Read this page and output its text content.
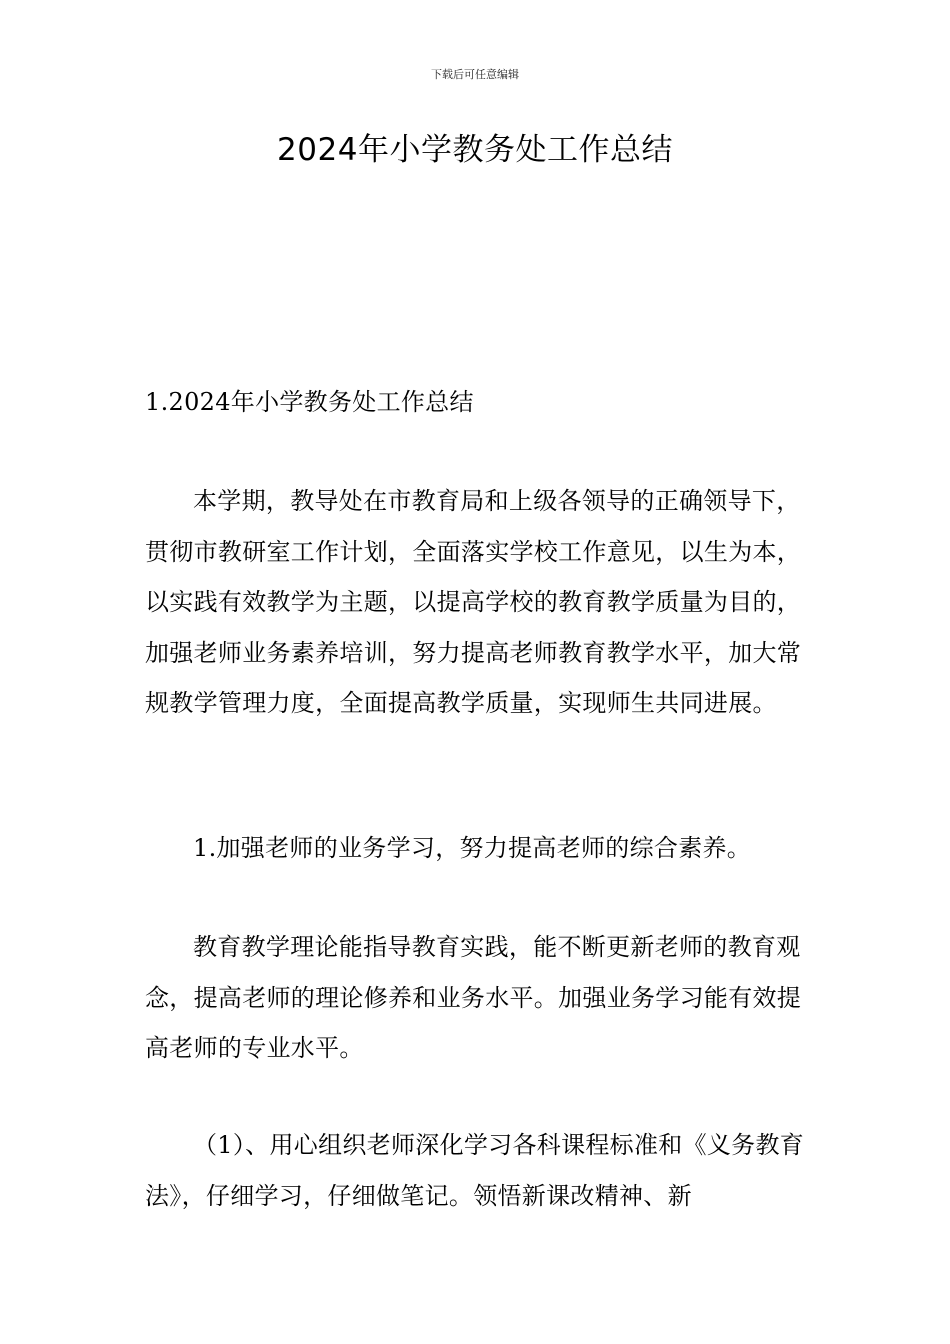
下载后可任意编辑
2024年小学教务处工作总结

1.2024年小学教务处工作总结

本学期，教导处在市教育局和上级各领导的正确领导下，贯彻市教研室工作计划，全面落实学校工作意见，以生为本，以实践有效教学为主题，以提高学校的教育教学质量为目的，加强老师业务素养培训，努力提高老师教育教学水平，加大常规教学管理力度，全面提高教学质量，实现师生共同进展。

1.加强老师的业务学习，努力提高老师的综合素养。

教育教学理论能指导教育实践，能不断更新老师的教育观念，提高老师的理论修养和业务水平。加强业务学习能有效提高老师的专业水平。

（1）、用心组织老师深化学习各科课程标准和《义务教育法》，仔细学习，仔细做笔记。领悟新课改精神、新
